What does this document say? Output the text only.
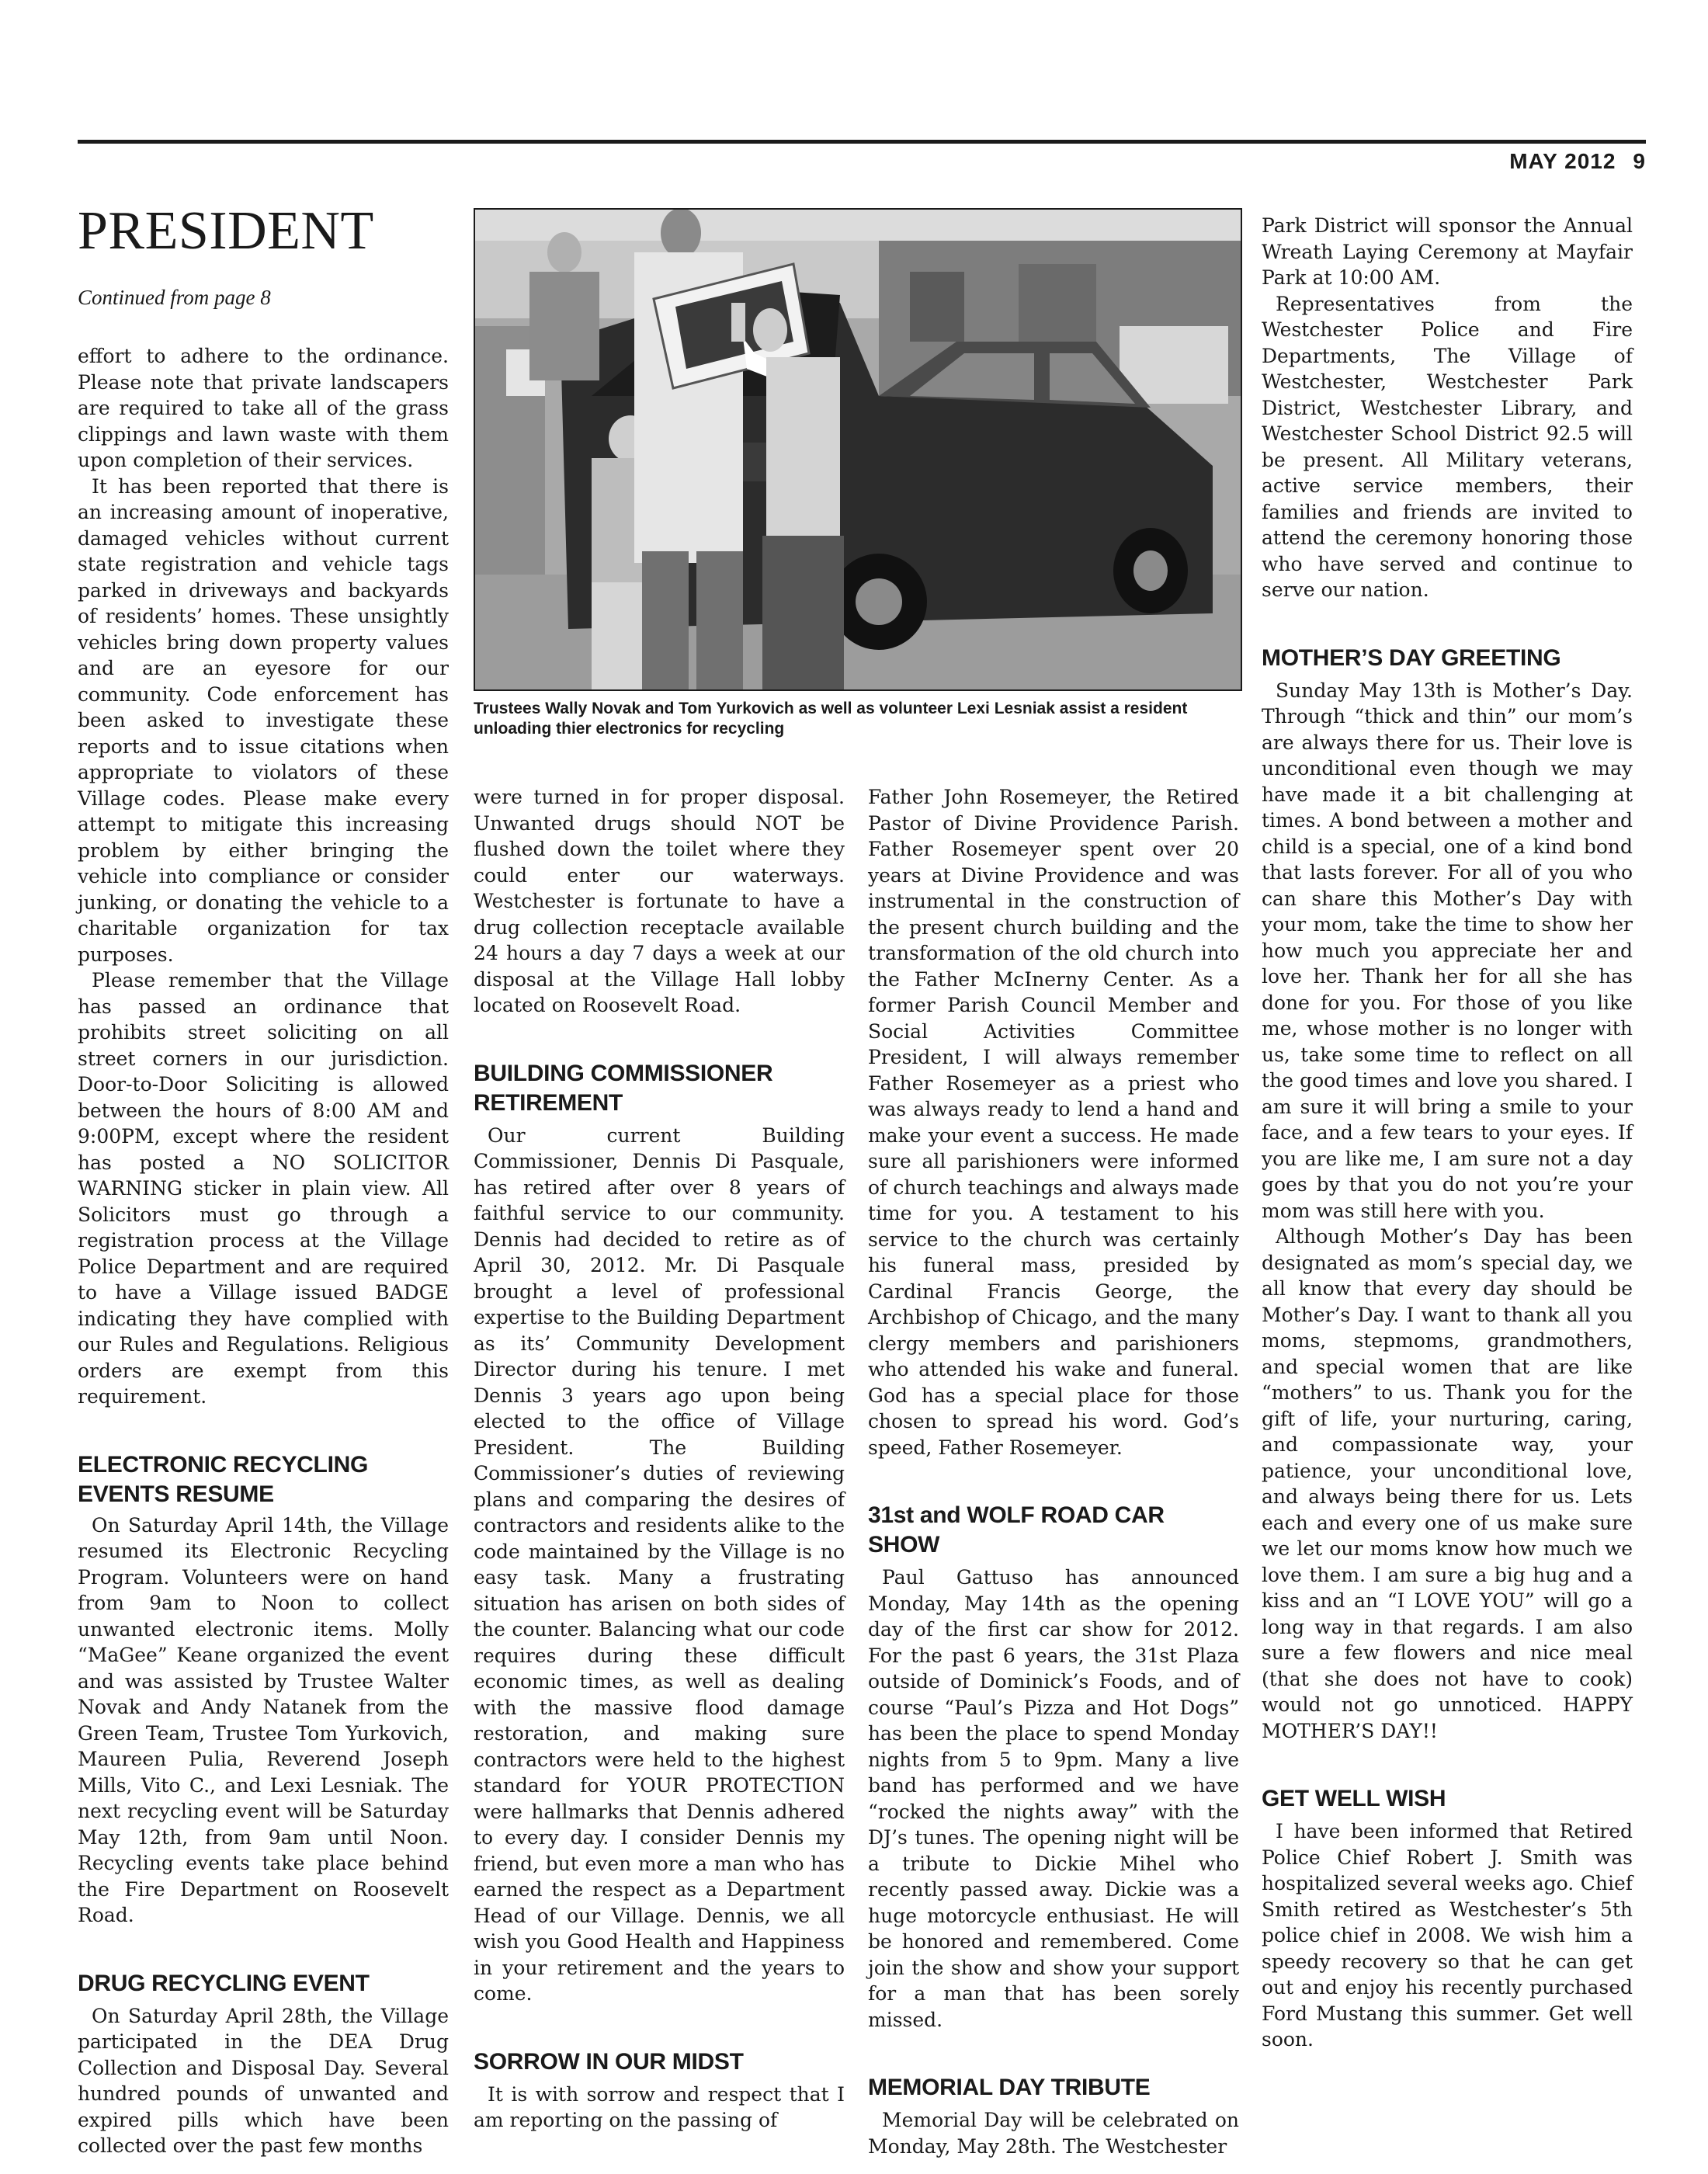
MAY 2012 9
PRESIDENT
Continued from page 8

effort to adhere to the ordinance. Please note that private landscapers are required to take all of the grass clippings and lawn waste with them upon completion of their services.

It has been reported that there is an increasing amount of inoperative, damaged vehicles without current state registration and vehicle tags parked in driveways and backyards of residents’ homes. These unsightly vehicles bring down property values and are an eyesore for our community. Code enforcement has been asked to investigate these reports and to issue citations when appropriate to violators of these Village codes. Please make every attempt to mitigate this increasing problem by either bringing the vehicle into compliance or consider junking, or donating the vehicle to a charitable organization for tax purposes.

Please remember that the Village has passed an ordinance that prohibits street soliciting on all street corners in our jurisdiction. Door-to-Door Soliciting is allowed between the hours of 8:00 AM and 9:00PM, except where the resident has posted a NO SOLICITOR WARNING sticker in plain view. All Solicitors must go through a registration process at the Village Police Department and are required to have a Village issued BADGE indicating they have complied with our Rules and Regulations. Religious orders are exempt from this requirement.

ELECTRONIC RECYCLING EVENTS RESUME

On Saturday April 14th, the Village resumed its Electronic Recycling Program. Volunteers were on hand from 9am to Noon to collect unwanted electronic items. Molly “MaGee” Keane organized the event and was assisted by Trustee Walter Novak and Andy Natanek from the Green Team, Trustee Tom Yurkovich, Maureen Pulia, Reverend Joseph Mills, Vito C., and Lexi Lesniak. The next recycling event will be Saturday May 12th, from 9am until Noon. Recycling events take place behind the Fire Department on Roosevelt Road.

DRUG RECYCLING EVENT

On Saturday April 28th, the Village participated in the DEA Drug Collection and Disposal Day. Several hundred pounds of unwanted and expired pills which have been collected over the past few months

Trustees Wally Novak and Tom Yurkovich as well as volunteer Lexi Lesniak assist a resident unloading thier electronics for recycling

were turned in for proper disposal. Unwanted drugs should NOT be flushed down the toilet where they could enter our waterways. Westchester is fortunate to have a drug collection receptacle available 24 hours a day 7 days a week at our disposal at the Village Hall lobby located on Roosevelt Road.

BUILDING COMMISSIONER RETIREMENT

Our current Building Commissioner, Dennis Di Pasquale, has retired after over 8 years of faithful service to our community. Dennis had decided to retire as of April 30, 2012. Mr. Di Pasquale brought a level of professional expertise to the Building Department as its’ Community Development Director during his tenure. I met Dennis 3 years ago upon being elected to the office of Village President. The Building Commissioner’s duties of reviewing plans and comparing the desires of contractors and residents alike to the code maintained by the Village is no easy task. Many a frustrating situation has arisen on both sides of the counter. Balancing what our code requires during these difficult economic times, as well as dealing with the massive flood damage restoration, and making sure contractors were held to the highest standard for YOUR PROTECTION were hallmarks that Dennis adhered to every day. I consider Dennis my friend, but even more a man who has earned the respect as a Department Head of our Village. Dennis, we all wish you Good Health and Happiness in your retirement and the years to come.

SORROW IN OUR MIDST

It is with sorrow and respect that I am reporting on the passing of

Father John Rosemeyer, the Retired Pastor of Divine Providence Parish. Father Rosemeyer spent over 20 years at Divine Providence and was instrumental in the construction of the present church building and the transformation of the old church into the Father McInerny Center. As a former Parish Council Member and Social Activities Committee President, I will always remember Father Rosemeyer as a priest who was always ready to lend a hand and make your event a success. He made sure all parishioners were informed of church teachings and always made time for you. A testament to his service to the church was certainly his funeral mass, presided by Cardinal Francis George, the Archbishop of Chicago, and the many clergy members and parishioners who attended his wake and funeral. God has a special place for those chosen to spread his word. God’s speed, Father Rosemeyer.

31st and WOLF ROAD CAR SHOW

Paul Gattuso has announced Monday, May 14th as the opening day of the first car show for 2012. For the past 6 years, the 31st Plaza outside of Dominick’s Foods, and of course “Paul’s Pizza and Hot Dogs” has been the place to spend Monday nights from 5 to 9pm. Many a live band has performed and we have “rocked the nights away” with the DJ’s tunes. The opening night will be a tribute to Dickie Mihel who recently passed away. Dickie was a huge motorcycle enthusiast. He will be honored and remembered. Come join the show and show your support for a man that has been sorely missed.

MEMORIAL DAY TRIBUTE

Memorial Day will be celebrated on Monday, May 28th. The Westchester

Park District will sponsor the Annual Wreath Laying Ceremony at Mayfair Park at 10:00 AM.

Representatives from the Westchester Police and Fire Departments, The Village of Westchester, Westchester Park District, Westchester Library, and Westchester School District 92.5 will be present. All Military veterans, active service members, their families and friends are invited to attend the ceremony honoring those who have served and continue to serve our nation.

MOTHER’S DAY GREETING

Sunday May 13th is Mother’s Day. Through “thick and thin” our mom’s are always there for us. Their love is unconditional even though we may have made it a bit challenging at times. A bond between a mother and child is a special, one of a kind bond that lasts forever. For all of you who can share this Mother’s Day with your mom, take the time to show her how much you appreciate her and love her. Thank her for all she has done for you. For those of you like me, whose mother is no longer with us, take some time to reflect on all the good times and love you shared. I am sure it will bring a smile to your face, and a few tears to your eyes. If you are like me, I am sure not a day goes by that you do not you’re your mom was still here with you.

Although Mother’s Day has been designated as mom’s special day, we all know that every day should be Mother’s Day. I want to thank all you moms, stepmoms, grandmothers, and special women that are like “mothers” to us. Thank you for the gift of life, your nurturing, caring, and compassionate way, your patience, your unconditional love, and always being there for us. Lets each and every one of us make sure we let our moms know how much we love them. I am sure a big hug and a kiss and an “I LOVE YOU” will go a long way in that regards. I am also sure a few flowers and nice meal (that she does not have to cook) would not go unnoticed. HAPPY MOTHER’S DAY!!

GET WELL WISH

I have been informed that Retired Police Chief Robert J. Smith was hospitalized several weeks ago. Chief Smith retired as Westchester’s 5th police chief in 2008. We wish him a speedy recovery so that he can get out and enjoy his recently purchased Ford Mustang this summer. Get well soon.
